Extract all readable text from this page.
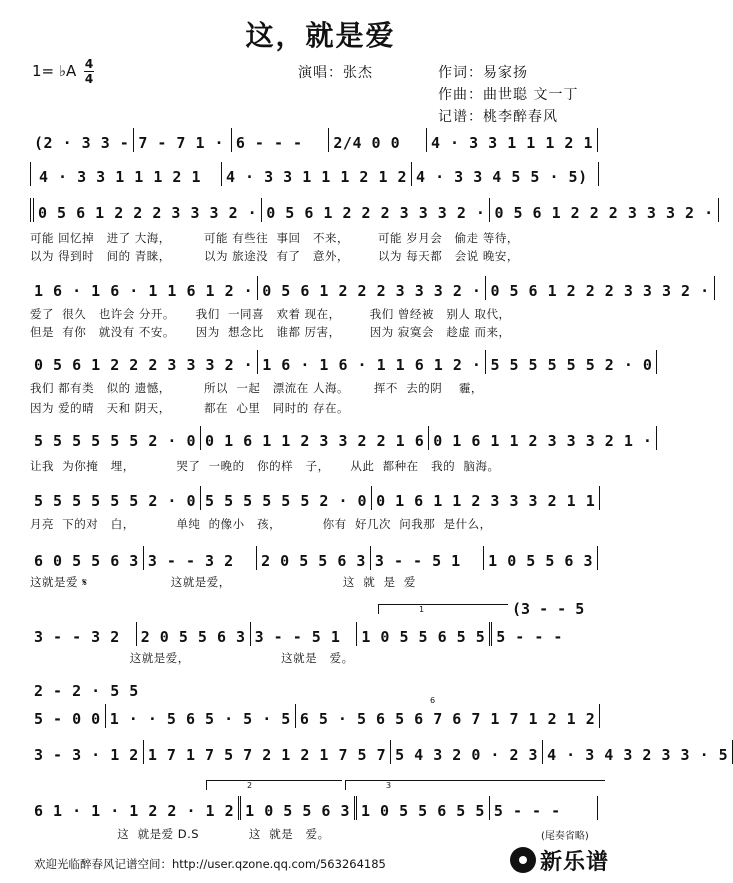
这，就是爱
1= ♭A 4
4	演唱：张杰	作词：易家扬
作曲：曲世聪 文一丁
记谱：桃李醉春风
(2 · 3 3 - 7 - 7 1 · 6 - - -	2/4 0 0	4 · 3 3 1 1 1 2 1
4 · 3 3 1 1 1 2 1	4 · 3 3 1 1 1 2 1 2 4 · 3 3 4 5 5 · 5)
0 5 6 1 2 2 2 3 3 3 2 · 0 5 6 1 2 2 2 3 3 3 2 · 0 5 6 1 2 2 2 3 3 3 2 ·
可能 回忆掉   进了 大海，        可能 有些往  事回   不来，       可能 岁月会   偷走 等待，
以为 得到时   间的 青睐，        以为 旅途没  有了   意外，       以为 每天都   会说 晚安，
1 6 · 1 6 · 1 1 6 1 2 · 0 5 6 1 2 2 2 3 3 3 2 · 0 5 6 1 2 2 2 3 3 3 2 ·
爱了  很久   也许会 分开。     我们  一同喜   欢着 现在，       我们 曾经被   别人 取代，
但是  有你   就没有 不安。     因为  想念比   谁都 厉害，       因为 寂寞会   趁虚 而来，
0 5 6 1 2 2 2 3 3 3 2 · 1 6 · 1 6 · 1 1 6 1 2 · 5 5 5 5 5 5 2 · 0
我们 都有类   似的 遗憾，        所以  一起   漂流在 人海。      挥不  去的阴    霾，
因为 爱的晴   天和 阴天，        都在  心里   同时的 存在。
5 5 5 5 5 5 2 · 0 0 1 6 1 1 2 3 3 2 2 1 6 0 1 6 1 1 2 3 3 3 2 1 ·
让我  为你掩   埋，          哭了  一晚的   你的样   子，     从此  都种在   我的  脑海。
5 5 5 5 5 5 2 · 0 5 5 5 5 5 5 2 · 0 0 1 6 1 1 2 3 3 3 2 1 1
月亮  下的对   白，          单纯  的像小   孩，          你有  好几次  问我那  是什么，
6 0 5 5 6 3 3 - - 3 2	2 0 5 5 6 3 3 - - 5 1	1 0 5 5 6 3
这就是爱 𝄋                    这就是爱，                           这  就  是  爱
1	(3 - - 5
3 - - 3 2	2 0 5 5 6 3 3 - - 5 1	1 0 5 5 6 5 5 5 - - -
这就是爱，                      这就是   爱。
2 - 2 · 5 5
6
5 - 0 0 1 · · 5 6 5 · 5 · 5 6 5 · 5 6 5 6 7 6 7 1 7 1 2 1 2
3 - 3 · 1 2 1 7 1 7 5 7 2 1 2 1 7 5 7 5 4 3 2 0 · 2 3 4 · 3 4 3 2 3 3 · 5
2	3
6 1 · 1 · 1 2 2 · 1 2 1 0 5 5 6 3 1 0 5 5 6 5 5 5 - - -
这  就是爱 D.S            这  就是   爱。	(尾奏省略)
欢迎光临醉春风记谱空间：http://user.qzone.qq.com/563264185	新乐谱
